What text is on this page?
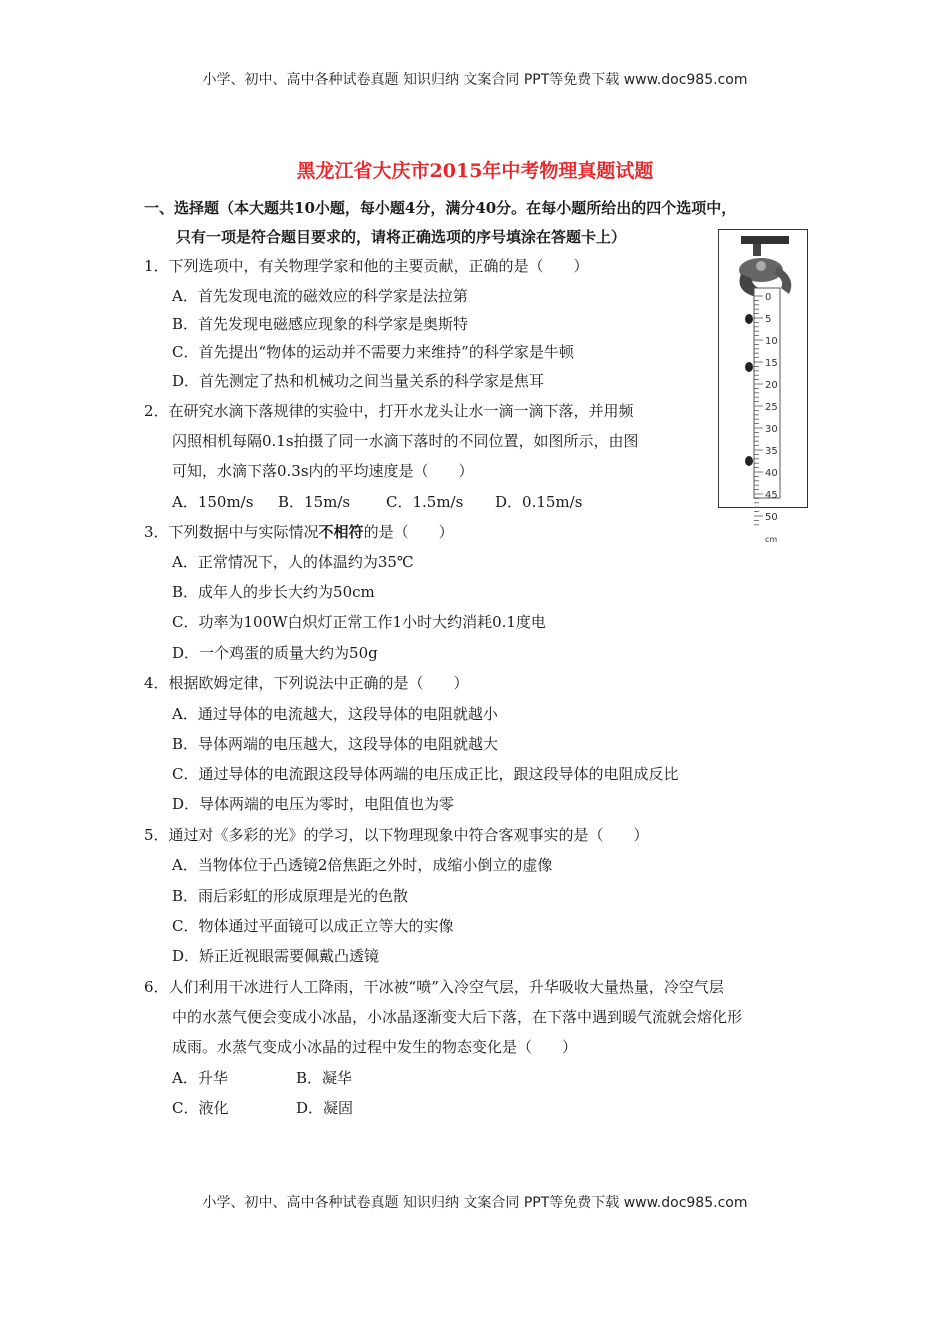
小学、初中、高中各种试卷真题 知识归纳 文案合同 PPT等免费下载 www.doc985.com
黑龙江省大庆市2015年中考物理真题试题
一、选择题（本大题共10小题，每小题4分，满分40分。在每小题所给出的四个选项中，
只有一项是符合题目要求的，请将正确选项的序号填涂在答题卡上）
1．下列选项中，有关物理学家和他的主要贡献，正确的是（　　）
A．首先发现电流的磁效应的科学家是法拉第
B．首先发现电磁感应现象的科学家是奥斯特
C．首先提出“物体的运动并不需要力来维持”的科学家是牛顿
D．首先测定了热和机械功之间当量关系的科学家是焦耳
2．在研究水滴下落规律的实验中，打开水龙头让水一滴一滴下落，并用频
闪照相机每隔0.1s拍摄了同一水滴下落时的不同位置，如图所示，由图
可知，水滴下落0.3s内的平均速度是（　　）
A．150m/s B．15m/s C．1.5m/s D．0.15m/s
3．下列数据中与实际情况不相符的是（　　）
A．正常情况下，人的体温约为35℃
B．成年人的步长大约为50cm
C．功率为100W白炽灯正常工作1小时大约消耗0.1度电
D．一个鸡蛋的质量大约为50g
4．根据欧姆定律，下列说法中正确的是（　　）
A．通过导体的电流越大，这段导体的电阻就越小
B．导体两端的电压越大，这段导体的电阻就越大
C．通过导体的电流跟这段导体两端的电压成正比，跟这段导体的电阻成反比
D．导体两端的电压为零时，电阻值也为零
5．通过对《多彩的光》的学习，以下物理现象中符合客观事实的是（　　）
A．当物体位于凸透镜2倍焦距之外时，成缩小倒立的虚像
B．雨后彩虹的形成原理是光的色散
C．物体通过平面镜可以成正立等大的实像
D．矫正近视眼需要佩戴凸透镜
6．人们利用干冰进行人工降雨，干冰被“喷”入冷空气层，升华吸收大量热量，冷空气层
中的水蒸气便会变成小冰晶，小冰晶逐渐变大后下落，在下落中遇到暖气流就会熔化形
成雨。水蒸气变成小冰晶的过程中发生的物态变化是（　　）
A．升华	B．凝华
C．液化	D．凝固
0
5
10
15
20
25
30
35
40
45
50
cm
小学、初中、高中各种试卷真题 知识归纳 文案合同 PPT等免费下载 www.doc985.com
